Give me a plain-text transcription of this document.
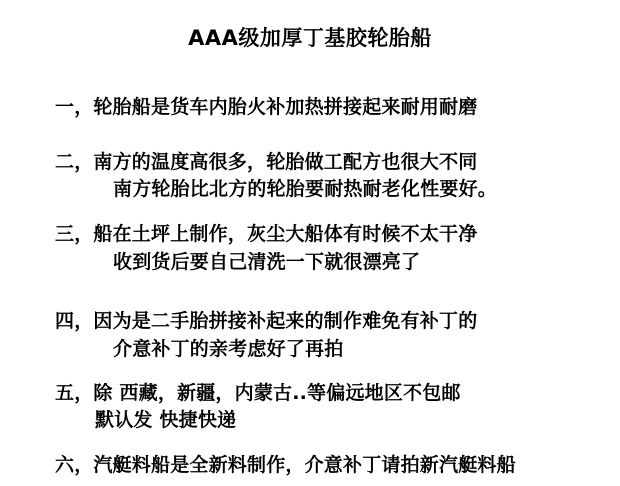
AAA级加厚丁基胶轮胎船
一，轮胎船是货车内胎火补加热拼接起来耐用耐磨
二，南方的温度高很多，轮胎做工配方也很大不同
南方轮胎比北方的轮胎要耐热耐老化性要好。
三，船在土坪上制作，灰尘大船体有时候不太干净
收到货后要自己清洗一下就很漂亮了
四，因为是二手胎拼接补起来的制作难免有补丁的
介意补丁的亲考虑好了再拍
五，除 西藏，新疆，内蒙古..等偏远地区不包邮
默认发 快捷快递
六，汽艇料船是全新料制作，介意补丁请拍新汽艇料船
